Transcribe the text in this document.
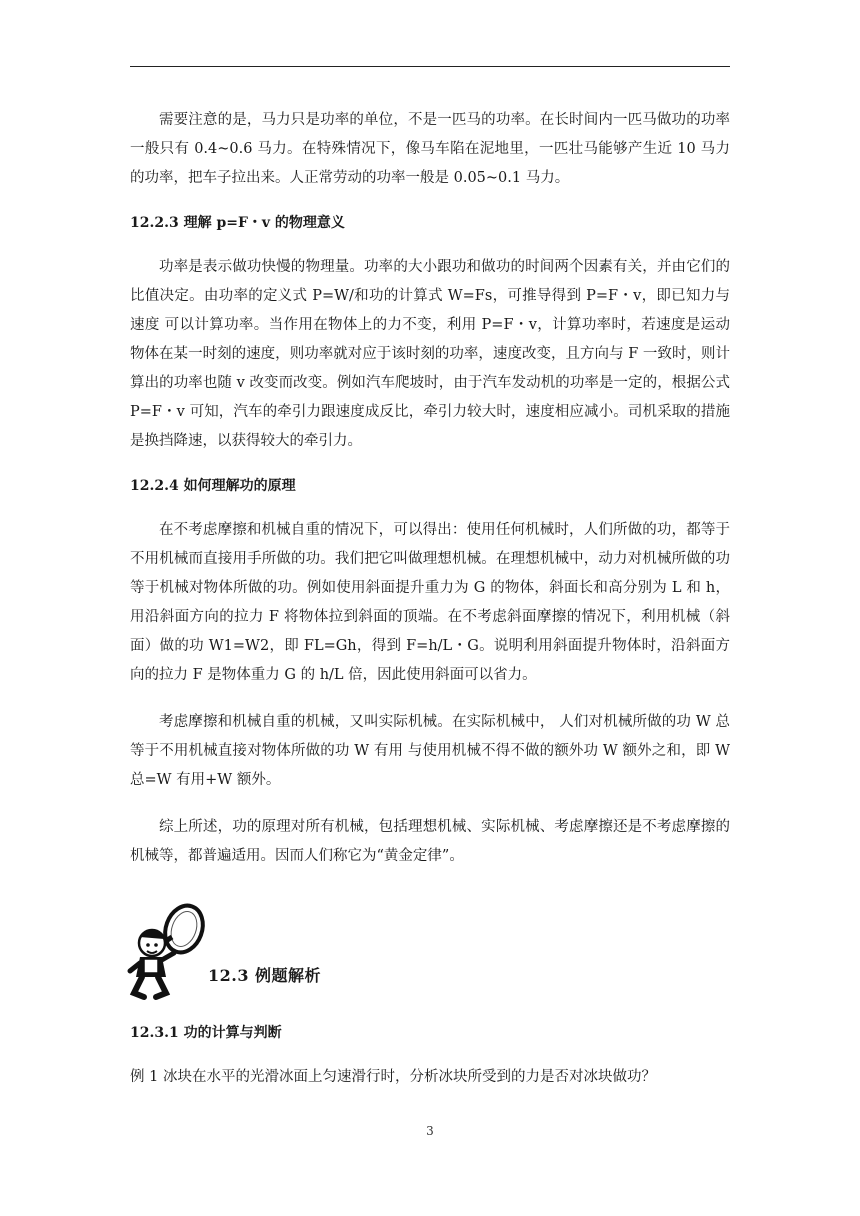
需要注意的是，马力只是功率的单位，不是一匹马的功率。在长时间内一匹马做功的功率一般只有 0.4~0.6 马力。在特殊情况下，像马车陷在泥地里，一匹壮马能够产生近 10 马力的功率，把车子拉出来。人正常劳动的功率一般是 0.05~0.1 马力。

12.2.3 理解 p=F・v 的物理意义

功率是表示做功快慢的物理量。功率的大小跟功和做功的时间两个因素有关，并由它们的比值决定。由功率的定义式 P=W/和功的计算式 W=Fs，可推导得到 P=F・v，即已知力与速度 可以计算功率。当作用在物体上的力不变，利用 P=F・v，计算功率时，若速度是运动物体在某一时刻的速度，则功率就对应于该时刻的功率，速度改变，且方向与 F 一致时，则计算出的功率也随 v 改变而改变。例如汽车爬坡时，由于汽车发动机的功率是一定的，根据公式 P=F・v 可知，汽车的牵引力跟速度成反比，牵引力较大时，速度相应减小。司机采取的措施是换挡降速，以获得较大的牵引力。

12.2.4 如何理解功的原理

在不考虑摩擦和机械自重的情况下，可以得出：使用任何机械时，人们所做的功，都等于不用机械而直接用手所做的功。我们把它叫做理想机械。在理想机械中，动力对机械所做的功等于机械对物体所做的功。例如使用斜面提升重力为 G 的物体，斜面长和高分别为 L 和 h，用沿斜面方向的拉力 F 将物体拉到斜面的顶端。在不考虑斜面摩擦的情况下，利用机械（斜面）做的功 W1=W2，即 FL=Gh，得到 F=h/L・G。说明利用斜面提升物体时，沿斜面方向的拉力 F 是物体重力 G 的 h/L 倍，因此使用斜面可以省力。

考虑摩擦和机械自重的机械，又叫实际机械。在实际机械中， 人们对机械所做的功 W 总等于不用机械直接对物体所做的功 W 有用 与使用机械不得不做的额外功 W 额外之和，即 W 总=W 有用+W 额外。

综上所述，功的原理对所有机械，包括理想机械、实际机械、考虑摩擦还是不考虑摩擦的机械等，都普遍适用。因而人们称它为“黄金定律”。

12.3 例题解析
12.3.1 功的计算与判断

例 1 冰块在水平的光滑冰面上匀速滑行时，分析冰块所受到的力是否对冰块做功？

3
